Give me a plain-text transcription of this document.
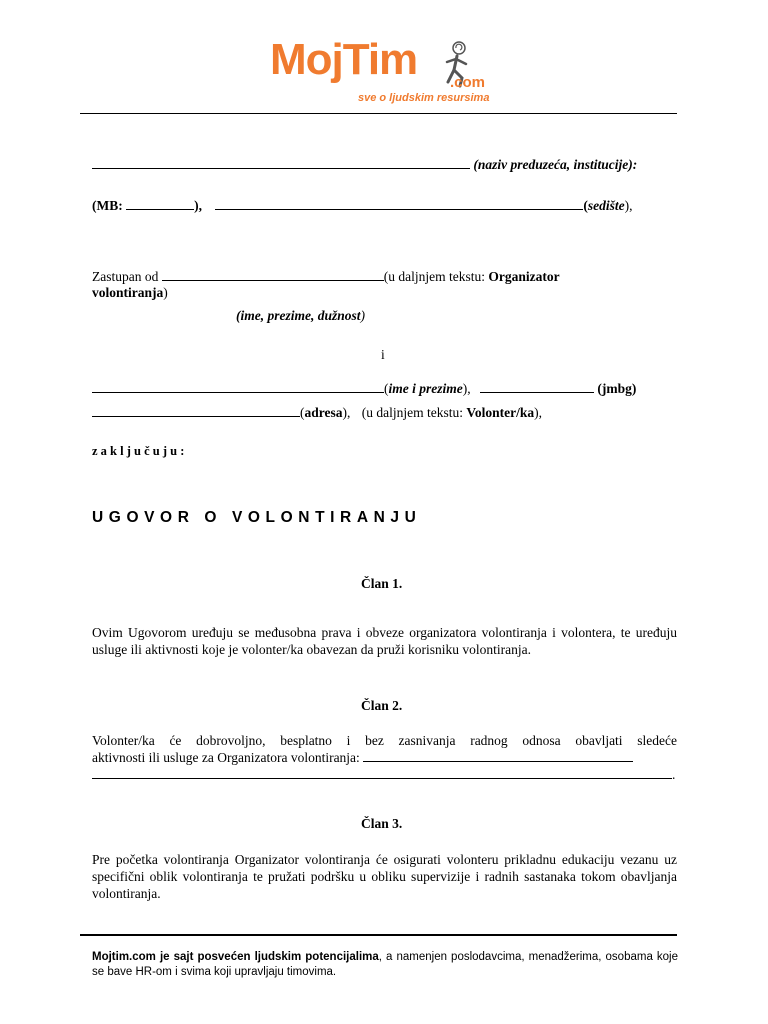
MojTim .com
sve o ljudskim resursima
(naziv preduzeća, institucije):
(MB:	),	(sedište),
Zastupan od	(u daljnjem tekstu: Organizator
volontiranja)
(ime, prezime, dužnost)
i
(ime i prezime),	(jmbg)
(adresa), (u daljnjem tekstu: Volonter/ka),
z a k l j u č u j u :
UGOVOR O VOLONTIRANJU
Član 1.
Ovim Ugovorom uređuju se međusobna prava i obveze organizatora volontiranja i volontera, te uređuju usluge ili aktivnosti koje je volonter/ka obavezan da pruži korisniku volontiranja.
Član 2.
Volonter/ka će dobrovoljno, besplatno i bez zasnivanja radnog odnosa obavljati sledeće
aktivnosti ili usluge za Organizatora volontiranja:
.
Član 3.
Pre početka volontiranja Organizator volontiranja će osigurati volonteru prikladnu edukaciju vezanu uz specifični oblik volontiranja te pružati podršku u obliku supervizije i radnih sastanaka tokom obavljanja volontiranja.
Mojtim.com je sajt posvećen ljudskim potencijalima, a namenjen poslodavcima, menadžerima, osobama koje se bave HR-om i svima koji upravljaju timovima.
